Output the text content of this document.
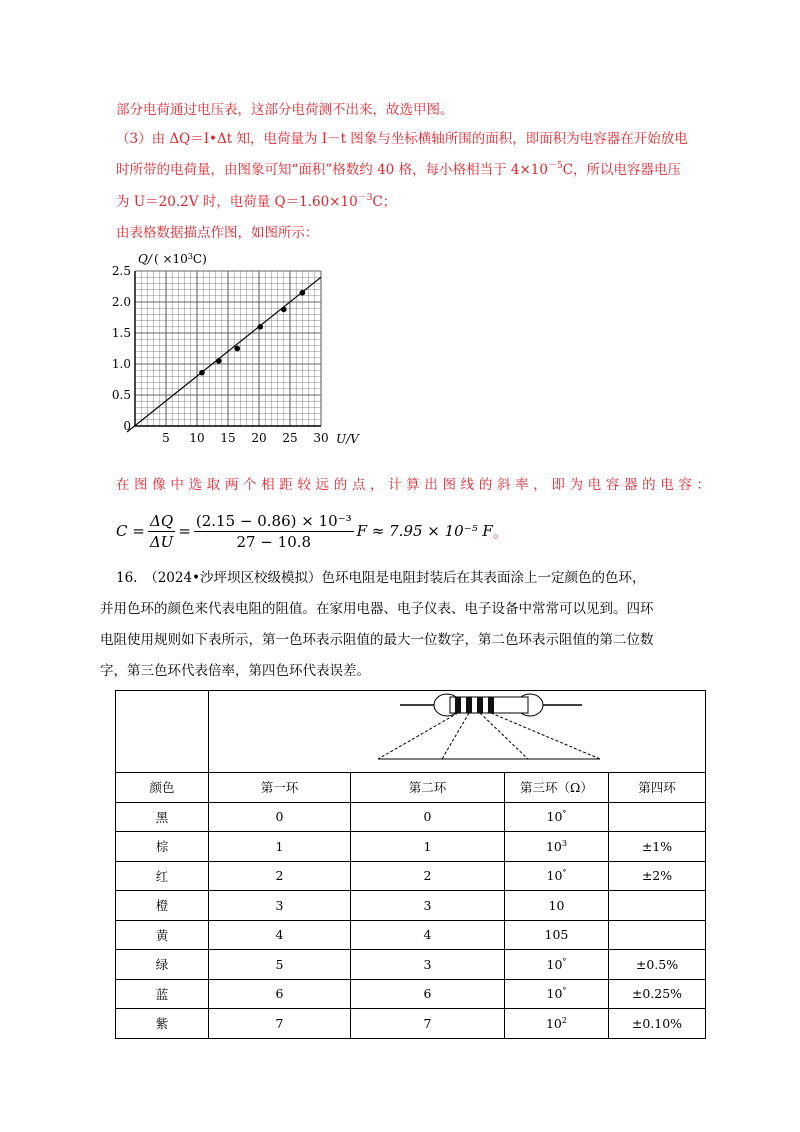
部分电荷通过电压表，这部分电荷测不出来，故选甲图。
（3）由 ΔQ＝I•Δt 知，电荷量为 I－t 图象与坐标横轴所围的面积，即面积为电容器在开始放电
时所带的电荷量，由图象可知“面积”格数约 40 格，每小格相当于 $4\times 10^{-5}C$，所以电容器电压
为 U＝20.2V 时，电荷量 $Q=1.60\times 10^{-3}C$；
由表格数据描点作图，如图所示：
5 10 15 20 25 30
0
0.5
1.0
1.5
2.0
2.5
Q/ ( $\times 10^3C$)
U/V
在 图 像 中 选 取 两 个 相 距 较 远 的 点 ， 计 算 出 图 线 的 斜 率 ， 即 为 电 容 器 的 电 容 ：
$C = \frac{\Delta Q}{\Delta U} = \frac{\text{(2.15 − 0.86) × 10⁻³}}{27 - 10.8}$ F ≈ 7.95 × 10⁻⁵ F 。
16.　（2024•沙坪坝区校级模拟）色环电阻是电阻封装后在其表面涂上一定颜色的色环，
并用色环的颜色来代表电阻的阻值。在家用电器、电子仪表、电子设备中常常可以见到。四环
电阻使用规则如下表所示，第一色环表示阻值的最大一位数字，第二色环表示阻值的第二位数
字，第三色环代表倍率，第四色环代表误差。

颜色	第一环	第二环	第三环（Ω）	第四环
黑	0	0	10°	
棕	1	1	$10^3$	±1%
红	2	2	10°	±2%
橙	3	3	10	
黄	4	4	105	
绿	5	3	10°	±0.5%
蓝	6	6	10°	±0.25%
紫	7	7	$10^2$	±0.10%
